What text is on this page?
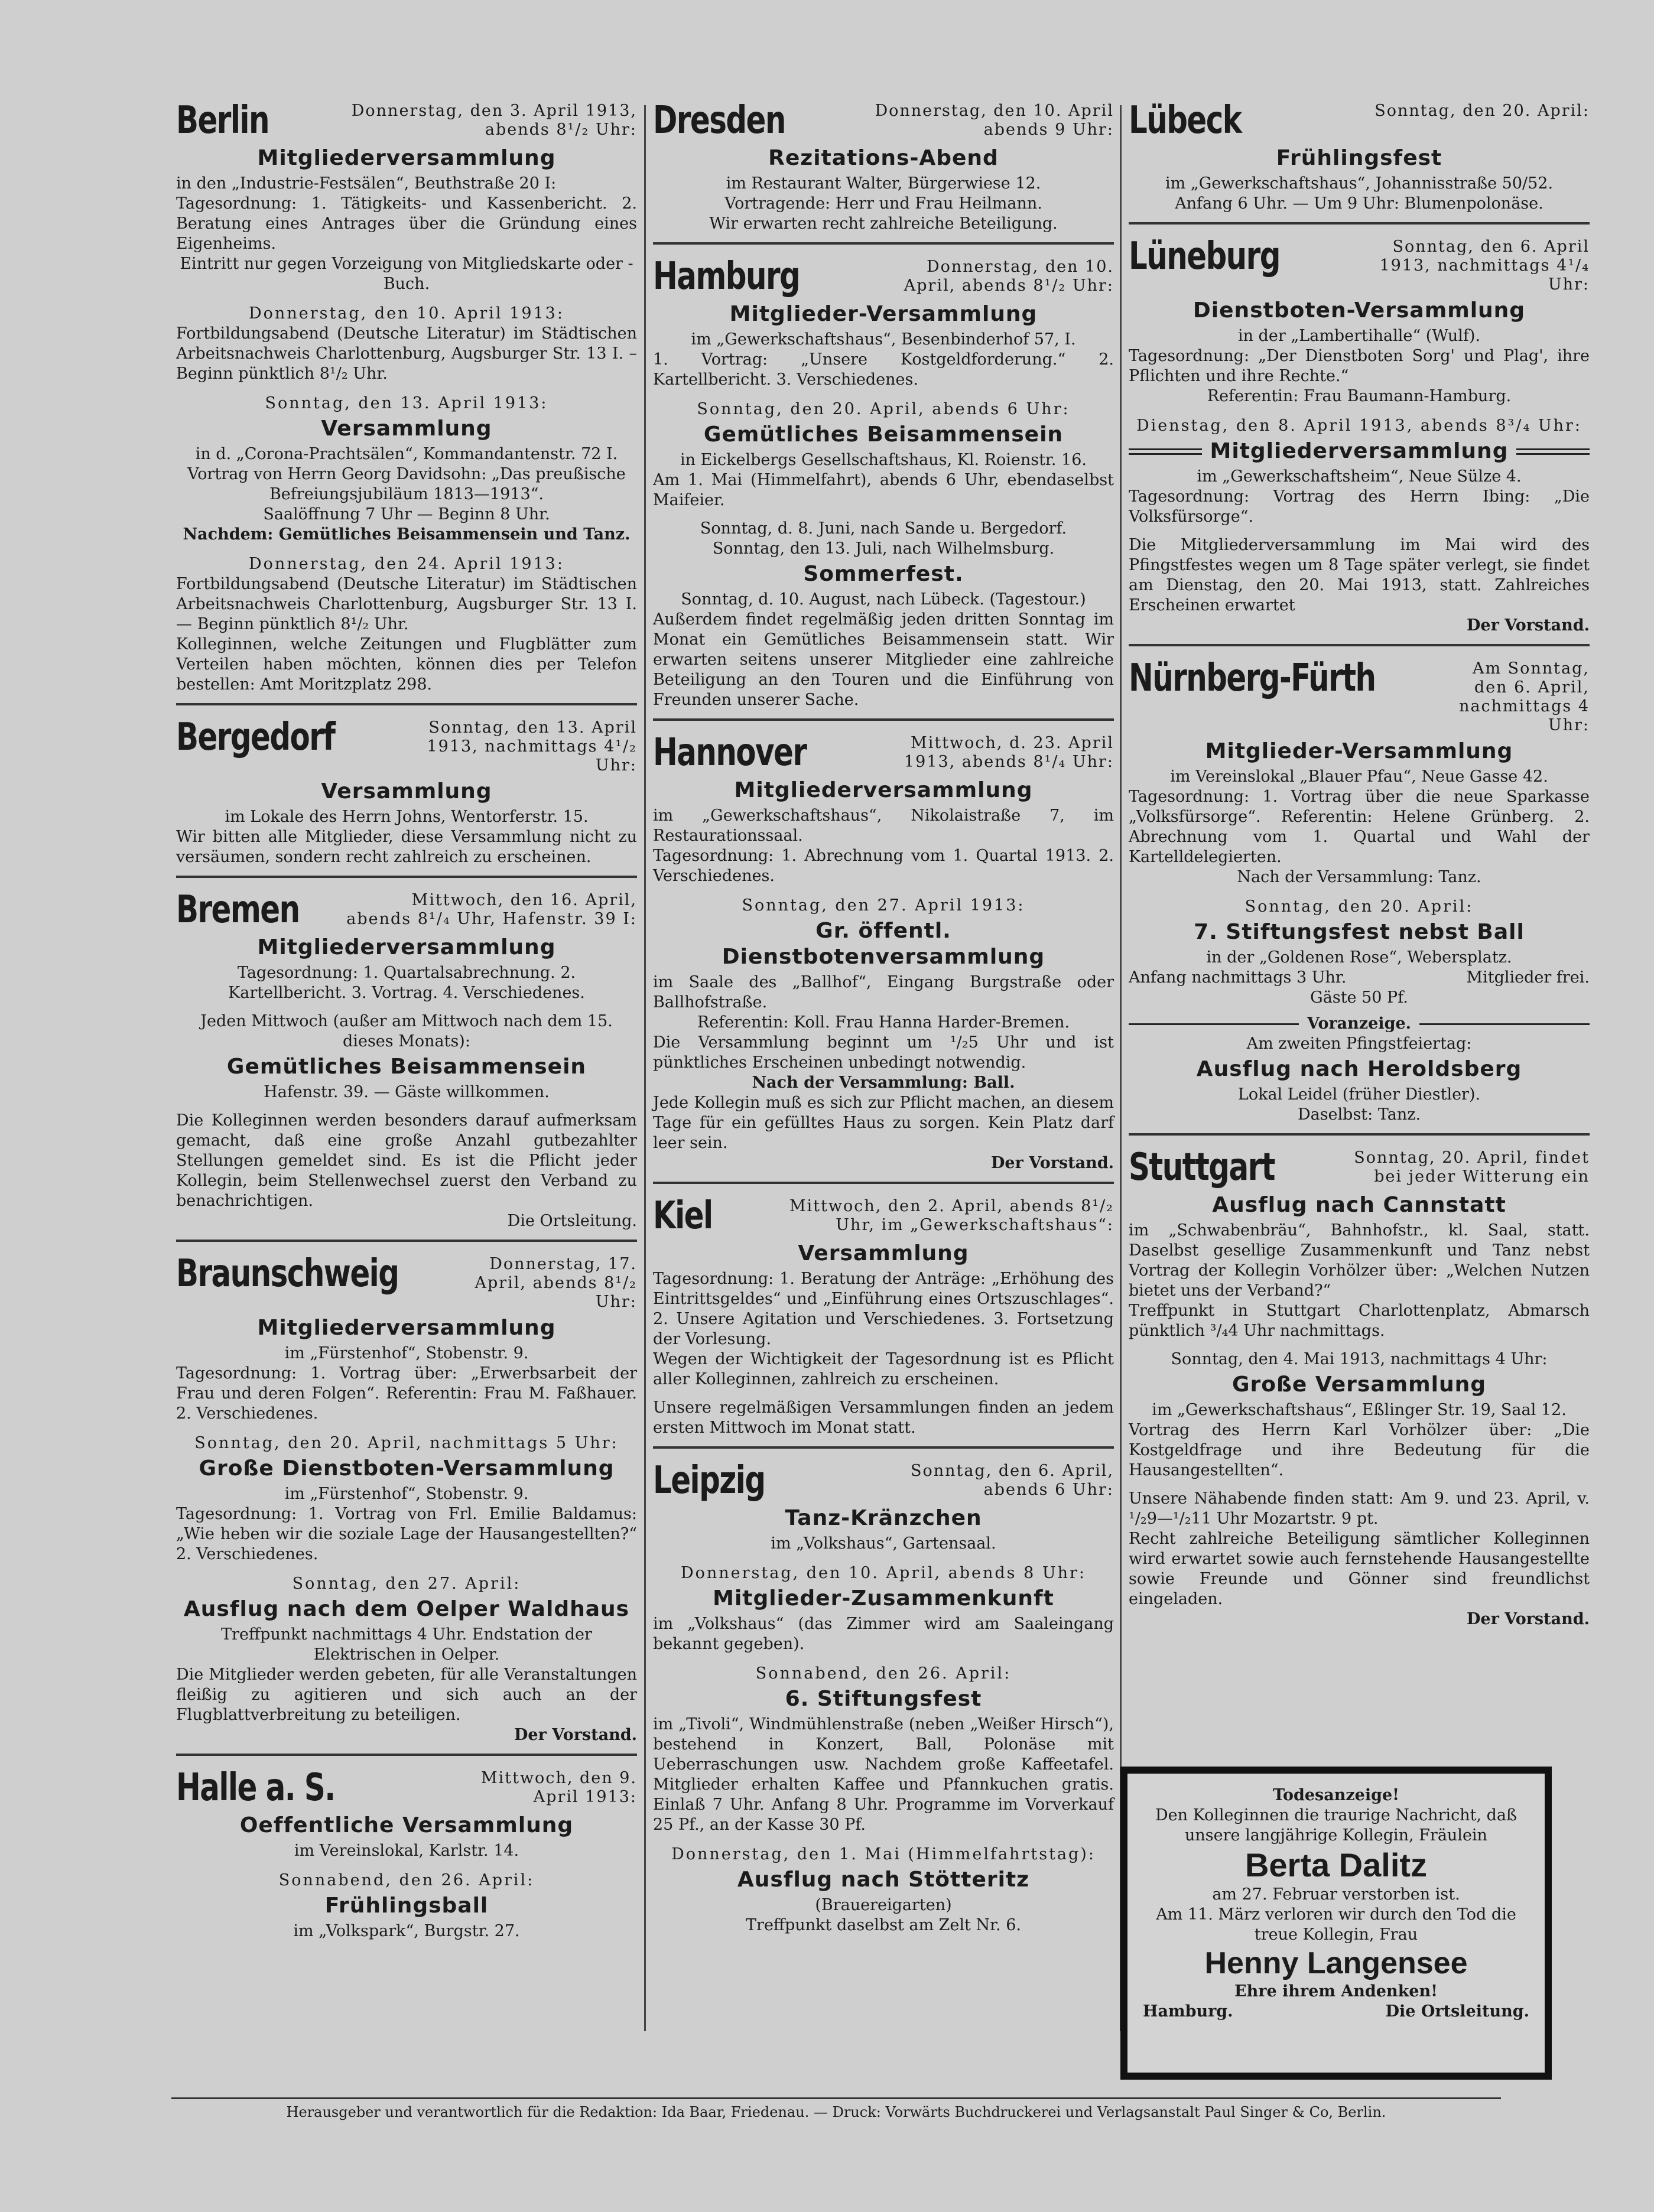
Berlin	Donnerstag, den 3. April 1913, abends 8¹/₂ Uhr:
Mitgliederversammlung

in den „Industrie-Festsälen“, Beuthstraße 20 I:

Tagesordnung: 1. Tätigkeits- und Kassenbericht. 2. Beratung eines Antrages über die Gründung eines Eigenheims.

Eintritt nur gegen Vorzeigung von Mitgliedskarte oder -Buch.

Donnerstag, den 10. April 1913:

Fortbildungsabend (Deutsche Literatur) im Städtischen Arbeitsnachweis Charlottenburg, Augsburger Str. 13 I. – Beginn pünktlich 8¹/₂ Uhr.

Sonntag, den 13. April 1913:
Versammlung

in d. „Corona-Prachtsälen“, Kommandantenstr. 72 I.

Vortrag von Herrn Georg Davidsohn: „Das preußische Befreiungsjubiläum 1813—1913“.

Saalöffnung 7 Uhr — Beginn 8 Uhr.

Nachdem: Gemütliches Beisammensein und Tanz.

Donnerstag, den 24. April 1913:

Fortbildungsabend (Deutsche Literatur) im Städtischen Arbeitsnachweis Charlottenburg, Augsburger Str. 13 I. — Beginn pünktlich 8¹/₂ Uhr.

Kolleginnen, welche Zeitungen und Flugblätter zum Verteilen haben möchten, können dies per Telefon bestellen: Amt Moritzplatz 298.

Bergedorf	Sonntag, den 13. April 1913, nachmittags 4¹/₂ Uhr:
Versammlung

im Lokale des Herrn Johns, Wentorferstr. 15.

Wir bitten alle Mitglieder, diese Versammlung nicht zu versäumen, sondern recht zahlreich zu erscheinen.

Bremen	Mittwoch, den 16. April, abends 8¹/₄ Uhr, Hafenstr. 39 I:
Mitgliederversammlung

Tagesordnung: 1. Quartalsabrechnung. 2. Kartellbericht. 3. Vortrag. 4. Verschiedenes.

Jeden Mittwoch (außer am Mittwoch nach dem 15. dieses Monats):

Gemütliches Beisammensein

Hafenstr. 39. — Gäste willkommen.

Die Kolleginnen werden besonders darauf aufmerksam gemacht, daß eine große Anzahl gutbezahlter Stellungen gemeldet sind. Es ist die Pflicht jeder Kollegin, beim Stellenwechsel zuerst den Verband zu benachrichtigen.

Die Ortsleitung.

Braunschweig	Donnerstag, 17. April, abends 8¹/₂ Uhr:
Mitgliederversammlung

im „Fürstenhof“, Stobenstr. 9.

Tagesordnung: 1. Vortrag über: „Erwerbsarbeit der Frau und deren Folgen“. Referentin: Frau M. Faßhauer. 2. Verschiedenes.

Sonntag, den 20. April, nachmittags 5 Uhr:
Große Dienstboten-Versammlung

im „Fürstenhof“, Stobenstr. 9.

Tagesordnung: 1. Vortrag von Frl. Emilie Baldamus: „Wie heben wir die soziale Lage der Hausangestellten?“ 2. Verschiedenes.

Sonntag, den 27. April:
Ausflug nach dem Oelper Waldhaus

Treffpunkt nachmittags 4 Uhr. Endstation der Elektrischen in Oelper.

Die Mitglieder werden gebeten, für alle Veranstaltungen fleißig zu agitieren und sich auch an der Flugblattverbreitung zu beteiligen.

Der Vorstand.

Halle a. S.	Mittwoch, den 9. April 1913:
Oeffentliche Versammlung

im Vereinslokal, Karlstr. 14.

Sonnabend, den 26. April:
Frühlingsball

im „Volkspark“, Burgstr. 27.

Dresden	Donnerstag, den 10. April abends 9 Uhr:
Rezitations-Abend

im Restaurant Walter, Bürgerwiese 12.

Vortragende: Herr und Frau Heilmann.

Wir erwarten recht zahlreiche Beteiligung.

Hamburg	Donnerstag, den 10. April, abends 8¹/₂ Uhr:
Mitglieder-Versammlung

im „Gewerkschaftshaus“, Besenbinderhof 57, I.

1. Vortrag: „Unsere Kostgeldforderung.“ 2. Kartellbericht. 3. Verschiedenes.

Sonntag, den 20. April, abends 6 Uhr:
Gemütliches Beisammensein

in Eickelbergs Gesellschaftshaus, Kl. Roienstr. 16.

Am 1. Mai (Himmelfahrt), abends 6 Uhr, ebendaselbst Maifeier.

Sonntag, d. 8. Juni, nach Sande u. Bergedorf.

Sonntag, den 13. Juli, nach Wilhelmsburg.

Sommerfest.

Sonntag, d. 10. August, nach Lübeck. (Tagestour.)

Außerdem findet regelmäßig jeden dritten Sonntag im Monat ein Gemütliches Beisammensein statt. Wir erwarten seitens unserer Mitglieder eine zahlreiche Beteiligung an den Touren und die Einführung von Freunden unserer Sache.

Hannover	Mittwoch, d. 23. April 1913, abends 8¹/₄ Uhr:
Mitgliederversammlung

im „Gewerkschaftshaus“, Nikolaistraße 7, im Restaurationssaal.

Tagesordnung: 1. Abrechnung vom 1. Quartal 1913. 2. Verschiedenes.

Sonntag, den 27. April 1913:
Gr. öffentl. Dienstbotenversammlung

im Saale des „Ballhof“, Eingang Burgstraße oder Ballhofstraße.

Referentin: Koll. Frau Hanna Harder-Bremen.

Die Versammlung beginnt um ¹/₂5 Uhr und ist pünktliches Erscheinen unbedingt notwendig.

Nach der Versammlung: Ball.

Jede Kollegin muß es sich zur Pflicht machen, an diesem Tage für ein gefülltes Haus zu sorgen. Kein Platz darf leer sein.

Der Vorstand.

Kiel	Mittwoch, den 2. April, abends 8¹/₂ Uhr, im „Gewerkschaftshaus“:
Versammlung

Tagesordnung: 1. Beratung der Anträge: „Erhöhung des Eintrittsgeldes“ und „Einführung eines Ortszuschlages“. 2. Unsere Agitation und Verschiedenes. 3. Fortsetzung der Vorlesung.

Wegen der Wichtigkeit der Tagesordnung ist es Pflicht aller Kolleginnen, zahlreich zu erscheinen.

Unsere regelmäßigen Versammlungen finden an jedem ersten Mittwoch im Monat statt.

Leipzig	Sonntag, den 6. April, abends 6 Uhr:
Tanz-Kränzchen

im „Volkshaus“, Gartensaal.

Donnerstag, den 10. April, abends 8 Uhr:
Mitglieder-Zusammenkunft

im „Volkshaus“ (das Zimmer wird am Saaleingang bekannt gegeben).

Sonnabend, den 26. April:
6. Stiftungsfest

im „Tivoli“, Windmühlenstraße (neben „Weißer Hirsch“), bestehend in Konzert, Ball, Polonäse mit Ueberraschungen usw. Nachdem große Kaffeetafel. Mitglieder erhalten Kaffee und Pfannkuchen gratis. Einlaß 7 Uhr. Anfang 8 Uhr. Programme im Vorverkauf 25 Pf., an der Kasse 30 Pf.

Donnerstag, den 1. Mai (Himmelfahrtstag):
Ausflug nach Stötteritz

(Brauereigarten)

Treffpunkt daselbst am Zelt Nr. 6.

Lübeck	Sonntag, den 20. April:
Frühlingsfest

im „Gewerkschaftshaus“, Johannisstraße 50/52.

Anfang 6 Uhr. — Um 9 Uhr: Blumenpolonäse.

Lüneburg	Sonntag, den 6. April 1913, nachmittags 4¹/₄ Uhr:
Dienstboten-Versammlung

in der „Lambertihalle“ (Wulf).

Tagesordnung: „Der Dienstboten Sorg' und Plag', ihre Pflichten und ihre Rechte.“

Referentin: Frau Baumann-Hamburg.

Dienstag, den 8. April 1913, abends 8³/₄ Uhr:
Mitgliederversammlung

im „Gewerkschaftsheim“, Neue Sülze 4.

Tagesordnung: Vortrag des Herrn Ibing: „Die Volksfürsorge“.

Die Mitgliederversammlung im Mai wird des Pfingstfestes wegen um 8 Tage später verlegt, sie findet am Dienstag, den 20. Mai 1913, statt. Zahlreiches Erscheinen erwartet

Der Vorstand.

Nürnberg-Fürth	Am Sonntag, den 6. April, nachmittags 4 Uhr:
Mitglieder-Versammlung

im Vereinslokal „Blauer Pfau“, Neue Gasse 42.

Tagesordnung: 1. Vortrag über die neue Sparkasse „Volksfürsorge“. Referentin: Helene Grünberg. 2. Abrechnung vom 1. Quartal und Wahl der Kartelldelegierten.

Nach der Versammlung: Tanz.

Sonntag, den 20. April:
7. Stiftungsfest nebst Ball

in der „Goldenen Rose“, Webersplatz.

Anfang nachmittags 3 Uhr.	Mitglieder frei.

Gäste 50 Pf.

Voranzeige.

Am zweiten Pfingstfeiertag:

Ausflug nach Heroldsberg

Lokal Leidel (früher Diestler).

Daselbst: Tanz.

Stuttgart	Sonntag, 20. April, findet bei jeder Witterung ein
Ausflug nach Cannstatt

im „Schwabenbräu“, Bahnhofstr., kl. Saal, statt. Daselbst gesellige Zusammenkunft und Tanz nebst Vortrag der Kollegin Vorhölzer über: „Welchen Nutzen bietet uns der Verband?“

Treffpunkt in Stuttgart Charlottenplatz, Abmarsch pünktlich ³/₄4 Uhr nachmittags.

Sonntag, den 4. Mai 1913, nachmittags 4 Uhr:

Große Versammlung

im „Gewerkschaftshaus“, Eßlinger Str. 19, Saal 12.

Vortrag des Herrn Karl Vorhölzer über: „Die Kostgeldfrage und ihre Bedeutung für die Hausangestellten“.

Unsere Nähabende finden statt: Am 9. und 23. April, v. ¹/₂9—¹/₂11 Uhr Mozartstr. 9 pt.

Recht zahlreiche Beteiligung sämtlicher Kolleginnen wird erwartet sowie auch fernstehende Hausangestellte sowie Freunde und Gönner sind freundlichst eingeladen.

Der Vorstand.

Todesanzeige!

Den Kolleginnen die traurige Nachricht, daß unsere langjährige Kollegin, Fräulein

Berta Dalitz

am 27. Februar verstorben ist.

Am 11. März verloren wir durch den Tod die treue Kollegin, Frau

Henny Langensee

Ehre ihrem Andenken!

Hamburg.	Die Ortsleitung.
Herausgeber und verantwortlich für die Redaktion: Ida Baar, Friedenau. — Druck: Vorwärts Buchdruckerei und Verlagsanstalt Paul Singer & Co, Berlin.
